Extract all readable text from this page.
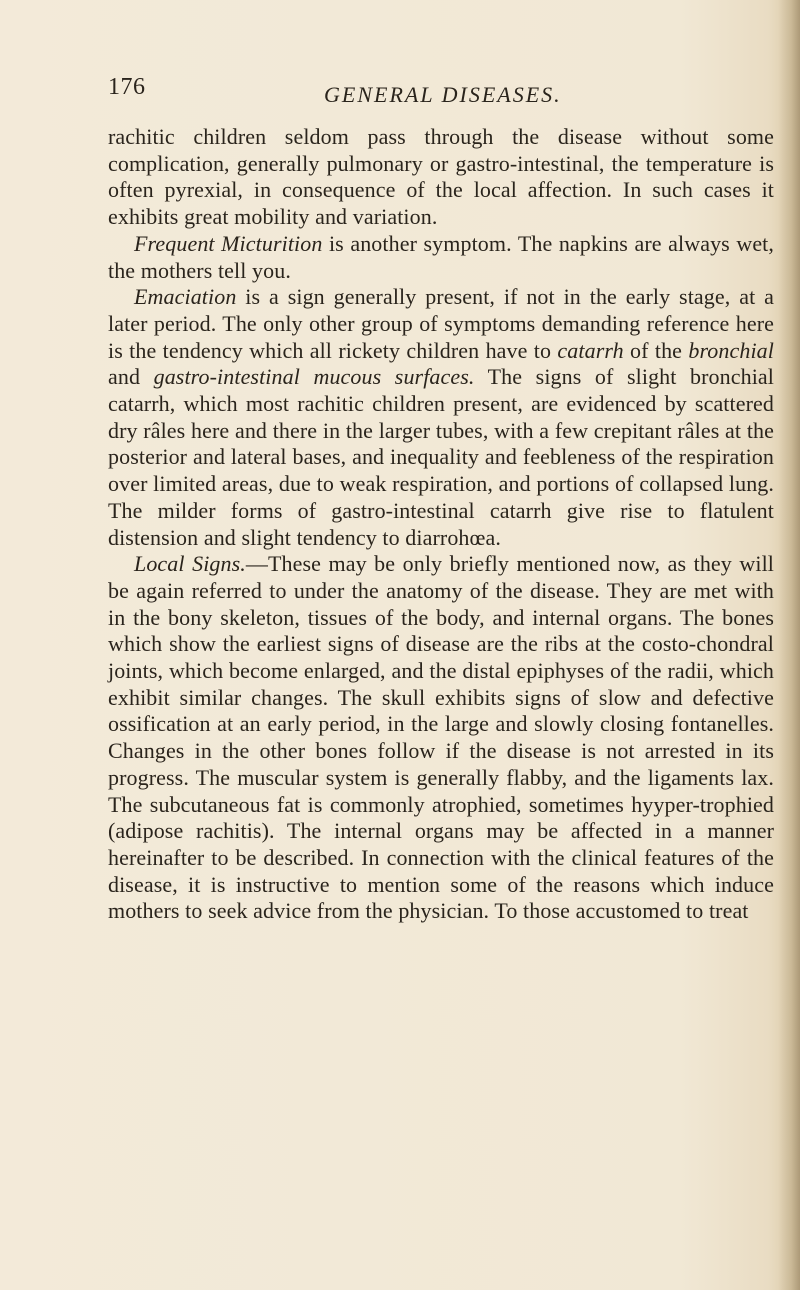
176	GENERAL DISEASES.

rachitic children seldom pass through the disease without some complication, generally pulmonary or gastro-intestinal, the temperature is often pyrexial, in consequence of the local affection. In such cases it exhibits great mobility and variation.

Frequent Micturition is another symptom. The napkins are always wet, the mothers tell you.

Emaciation is a sign generally present, if not in the early stage, at a later period. The only other group of symptoms demanding reference here is the tendency which all rickety children have to catarrh of the bronchial and gastro-intestinal mucous surfaces. The signs of slight bronchial catarrh, which most rachitic children present, are evidenced by scattered dry râles here and there in the larger tubes, with a few crepitant râles at the posterior and lateral bases, and inequality and feebleness of the respiration over limited areas, due to weak respiration, and portions of collapsed lung. The milder forms of gastro-intestinal catarrh give rise to flatulent distension and slight tendency to diarrohœa.

Local Signs.—These may be only briefly mentioned now, as they will be again referred to under the anatomy of the disease. They are met with in the bony skeleton, tissues of the body, and internal organs. The bones which show the earliest signs of disease are the ribs at the costo-chondral joints, which become enlarged, and the distal epiphyses of the radii, which exhibit similar changes. The skull exhibits signs of slow and defective ossification at an early period, in the large and slowly closing fontanelles. Changes in the other bones follow if the disease is not arrested in its progress. The muscular system is generally flabby, and the ligaments lax. The subcutaneous fat is commonly atrophied, sometimes hyyper-trophied (adipose rachitis). The internal organs may be affected in a manner hereinafter to be described. In connection with the clinical features of the disease, it is instructive to mention some of the reasons which induce mothers to seek advice from the physician. To those accustomed to treat
